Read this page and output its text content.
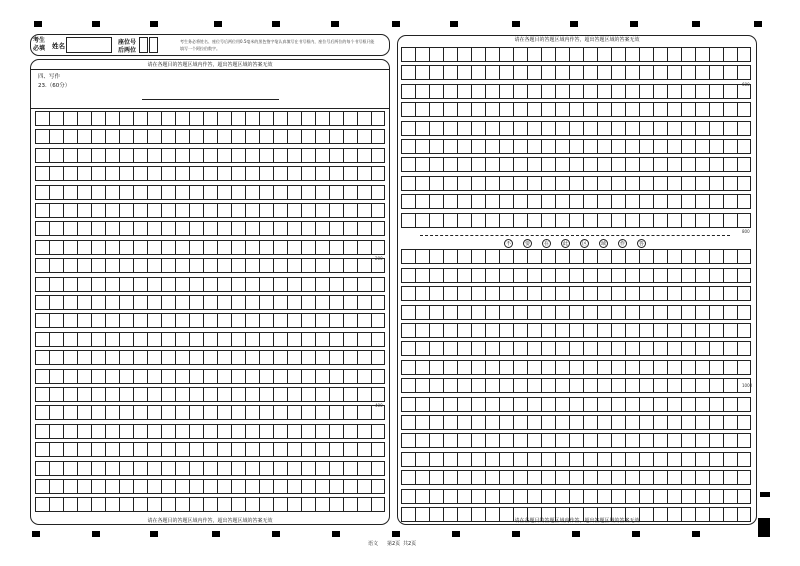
考生必填	姓名	座位号
后两位
考生务必将姓名、座位号后两位用0.5毫米的黑色签字笔认真填写在书写框内，座位号后两位的每个书写框只能填写一个阿拉伯数字。
请在各题目的答题区域内作答，超出答题区域的答案无效
四、写作
23.（60分）
200
400
请在各题目的答题区域内作答，超出答题区域的答案无效
请在各题目的答题区域内作答，超出答题区域的答案无效
600
800
1000
不	要	在	此	区	域	作	答
请在各题目的答题区域内作答，超出答题区域的答案无效
语文 第2页 共2页
